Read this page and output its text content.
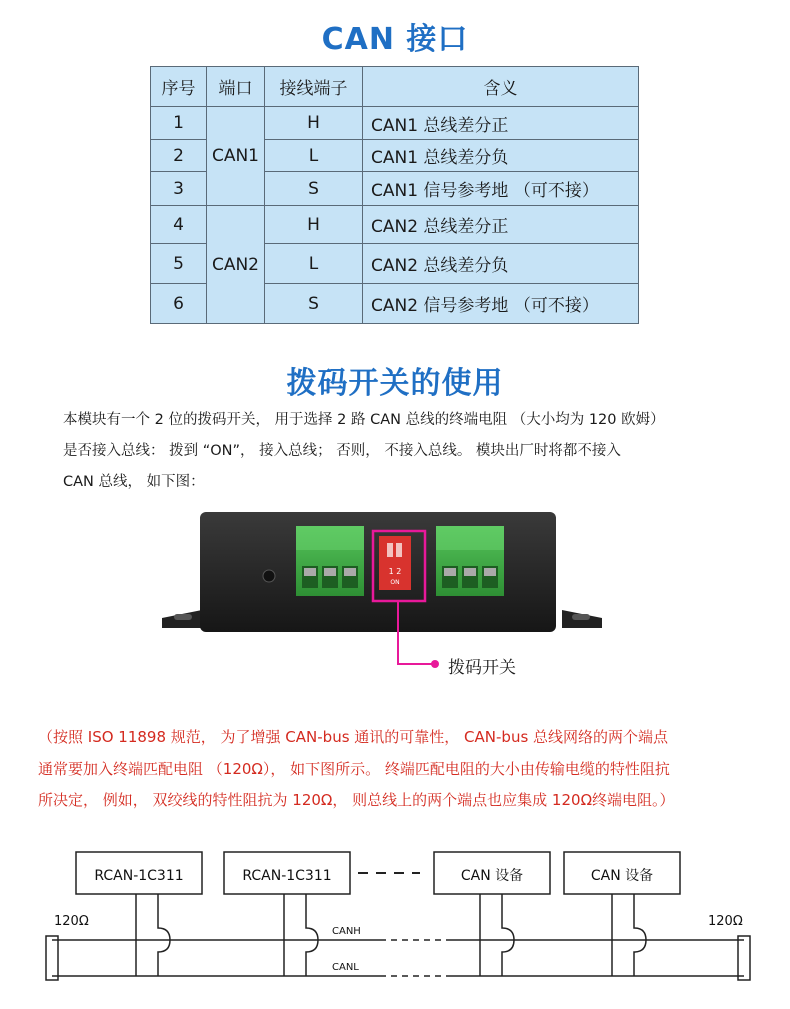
CAN 接口
序号	端口	接线端子	含义
1	CAN1	H	CAN1 总线差分正
2		L	CAN1 总线差分负
3		S	CAN1 信号参考地 （可不接）
4	CAN2	H	CAN2 总线差分正
5		L	CAN2 总线差分负
6		S	CAN2 信号参考地 （可不接）
拨码开关的使用
本模块有一个 2 位的拨码开关， 用于选择 2 路 CAN 总线的终端电阻 （大小均为 120 欧姆）
是否接入总线： 拨到 “ON”， 接入总线； 否则， 不接入总线。 模块出厂时将都不接入
CAN 总线， 如下图：
1 2
ON
拨码开关
（按照 ISO 11898 规范， 为了增强 CAN-bus 通讯的可靠性， CAN-bus 总线网络的两个端点
通常要加入终端匹配电阻 （120Ω）， 如下图所示。 终端匹配电阻的大小由传输电缆的特性阻抗
所决定， 例如， 双绞线的特性阻抗为 120Ω， 则总线上的两个端点也应集成 120Ω终端电阻。）
RCAN-1C311	RCAN-1C311	CAN 设备	CAN 设备
120Ω	120Ω
CANH
CANL
